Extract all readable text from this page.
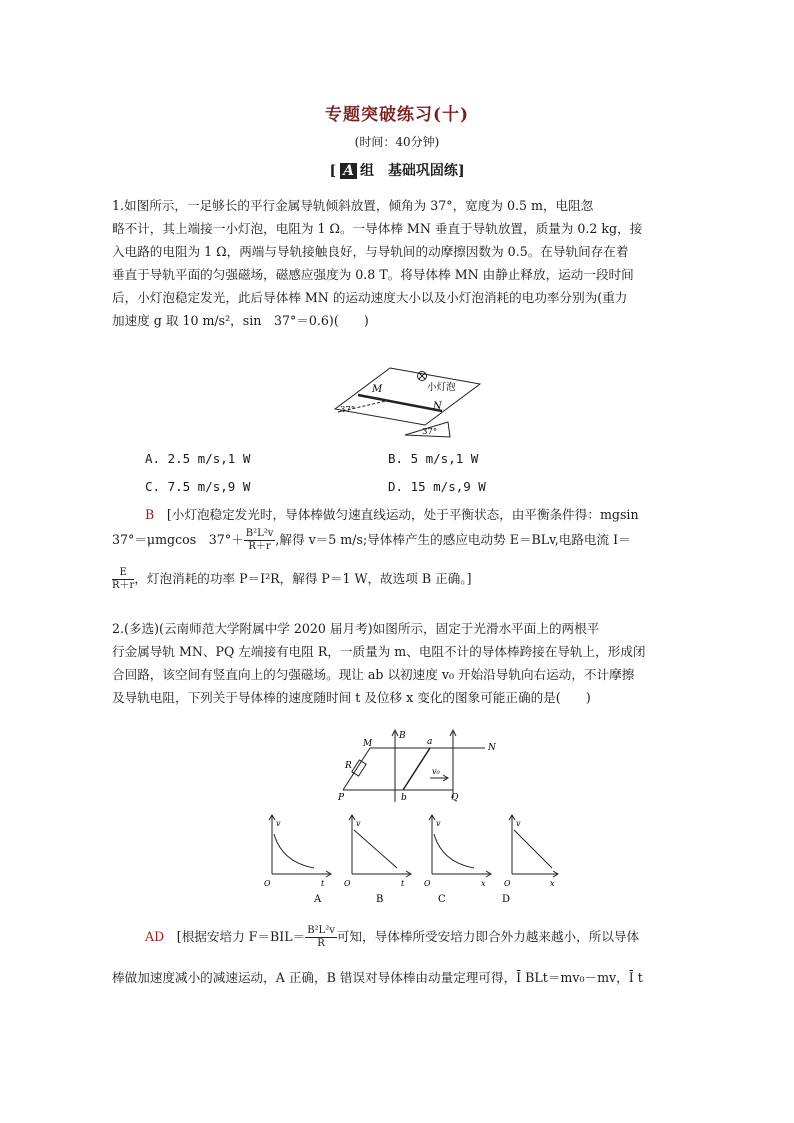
专题突破练习(十)
(时间：40分钟)
[ A 组　基础巩固练]
1.如图所示，一足够长的平行金属导轨倾斜放置，倾角为 37°，宽度为 0.5 m，电阻忽
略不计，其上端接一小灯泡，电阻为 1 Ω。一导体棒 MN 垂直于导轨放置，质量为 0.2 kg，接
入电路的电阻为 1 Ω，两端与导轨接触良好，与导轨间的动摩擦因数为 0.5。在导轨间存在着
垂直于导轨平面的匀强磁场，磁感应强度为 0.8 T。将导体棒 MN 由静止释放，运动一段时间
后，小灯泡稳定发光，此后导体棒 MN 的运动速度大小以及小灯泡消耗的电功率分别为(重力
加速度 g 取 10 m/s²，sin　37°＝0.6)(　　)
M
N
小灯泡
37°
37°
A. 2.5 m/s,1 W	B. 5 m/s,1 W
C. 7.5 m/s,9 W	D. 15 m/s,9 W
B　 [小灯泡稳定发光时，导体棒做匀速直线运动，处于平衡状态，由平衡条件得：mgsin
37°＝μmgcos　$37^\circ+ \frac{\text{B²L²v}}{R+r}$ ,解得 v＝5 m/s;导体棒产生的感应电动势 E＝BLv,电路电流 I＝
$\frac{E}{R+r}$ ，灯泡消耗的功率 P＝I²R，解得 P＝1 W，故选项 B 正确。]
2.(多选)(云南师范大学附属中学 2020 届月考)如图所示，固定于光滑水平面上的两根平
行金属导轨 MN、PQ 左端接有电阻 R，一质量为 m、电阻不计的导体棒跨接在导轨上，形成闭
合回路，该空间有竖直向上的匀强磁场。现让 ab 以初速度 v₀ 开始沿导轨向右运动，不计摩擦
及导轨电阻，下列关于导体棒的速度随时间 t 及位移 x 变化的图象可能正确的是(　　)
M	N
P	Q
R
a
b
B
v₀
v
t
O
A
v
t
O
B
v
x
O
C
v
x
O
D
AD　 [根据安培力 $F=BIL= \frac{\text{B²L²v}}{R}$ 可知，导体棒所受安培力即合外力越来越小，所以导体
棒做加速度减小的减速运动，A 正确，B 错误对导体棒由动量定理可得，Ī BLt＝mv₀－mv，Ī t
